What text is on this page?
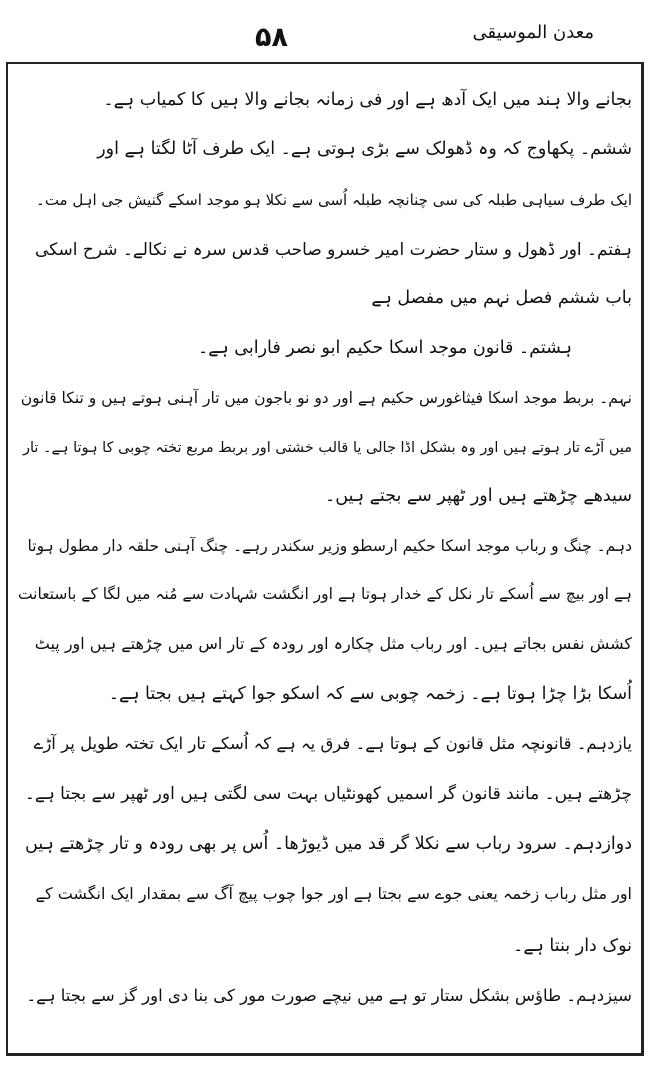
۵۸	معدن الموسیقی
بجانے والا ہند میں ایک آدھ ہے اور فی زمانہ بجانے والا ہیں کا کمیاب ہے۔
ششم۔ پکھاوج کہ وہ ڈھولک سے بڑی ہوتی ہے۔ ایک طرف آٹا لگتا ہے اور
ایک طرف سیاہی طبلہ کی سی چنانچہ طبلہ اُسی سے نکلا ہو موجد اسکے گنیش جی اہل مت۔
ہفتم۔ اور ڈھول و ستار حضرت امیر خسرو صاحب قدس سرہ نے نکالے۔ شرح اسکی
باب ششم فصل نہم میں مفصل ہے
ہشتم۔ قانون موجد اسکا حکیم ابو نصر فارابی ہے۔
نہم۔ بربط موجد اسکا فیثاغورس حکیم ہے اور دو نو باجون میں تار آہنی ہوتے ہیں و تنکا قانون
میں آڑے تار ہوتے ہیں اور وہ بشکل اڈا جالی یا قالب خشتی اور بربط مربع تختہ چوبی کا ہوتا ہے۔ تار
سیدھے چڑھتے ہیں اور ٹھپر سے بجتے ہیں۔
دہم۔ چنگ و رباب موجد اسکا حکیم ارسطو وزیر سکندر رہے۔ چنگ آہنی حلقہ دار مطول ہوتا
ہے اور بیچ سے اُسکے تار نکل کے خدار ہوتا ہے اور انگشت شہادت سے مُنہ میں لگا کے باستعانت
کشش نفس بجاتے ہیں۔ اور رباب مثل چکارہ اور رودہ کے تار اس میں چڑھتے ہیں اور پیٹ
اُسکا بڑا چڑا ہوتا ہے۔ زخمہ چوبی سے کہ اسکو جوا کہتے ہیں بجتا ہے۔
یازدہم۔ قانونچہ مثل قانون کے ہوتا ہے۔ فرق یہ ہے کہ اُسکے تار ایک تختہ طویل پر آڑے
چڑھتے ہیں۔ مانند قانون گر اسمیں کھونٹیاں بہت سی لگتی ہیں اور ٹھپر سے بجتا ہے۔
دوازدہم۔ سرود رباب سے نکلا گر قد میں ڈیوڑھا۔ اُس پر بھی رودہ و تار چڑھتے ہیں
اور مثل رباب زخمہ یعنی جوے سے بجتا ہے اور جوا چوب پیچ آگ سے بمقدار ایک انگشت کے
نوک دار بنتا ہے۔
سیزدہم۔ طاؤس بشکل ستار تو ہے میں نیچے صورت مور کی بنا دی اور گز سے بجتا ہے۔
